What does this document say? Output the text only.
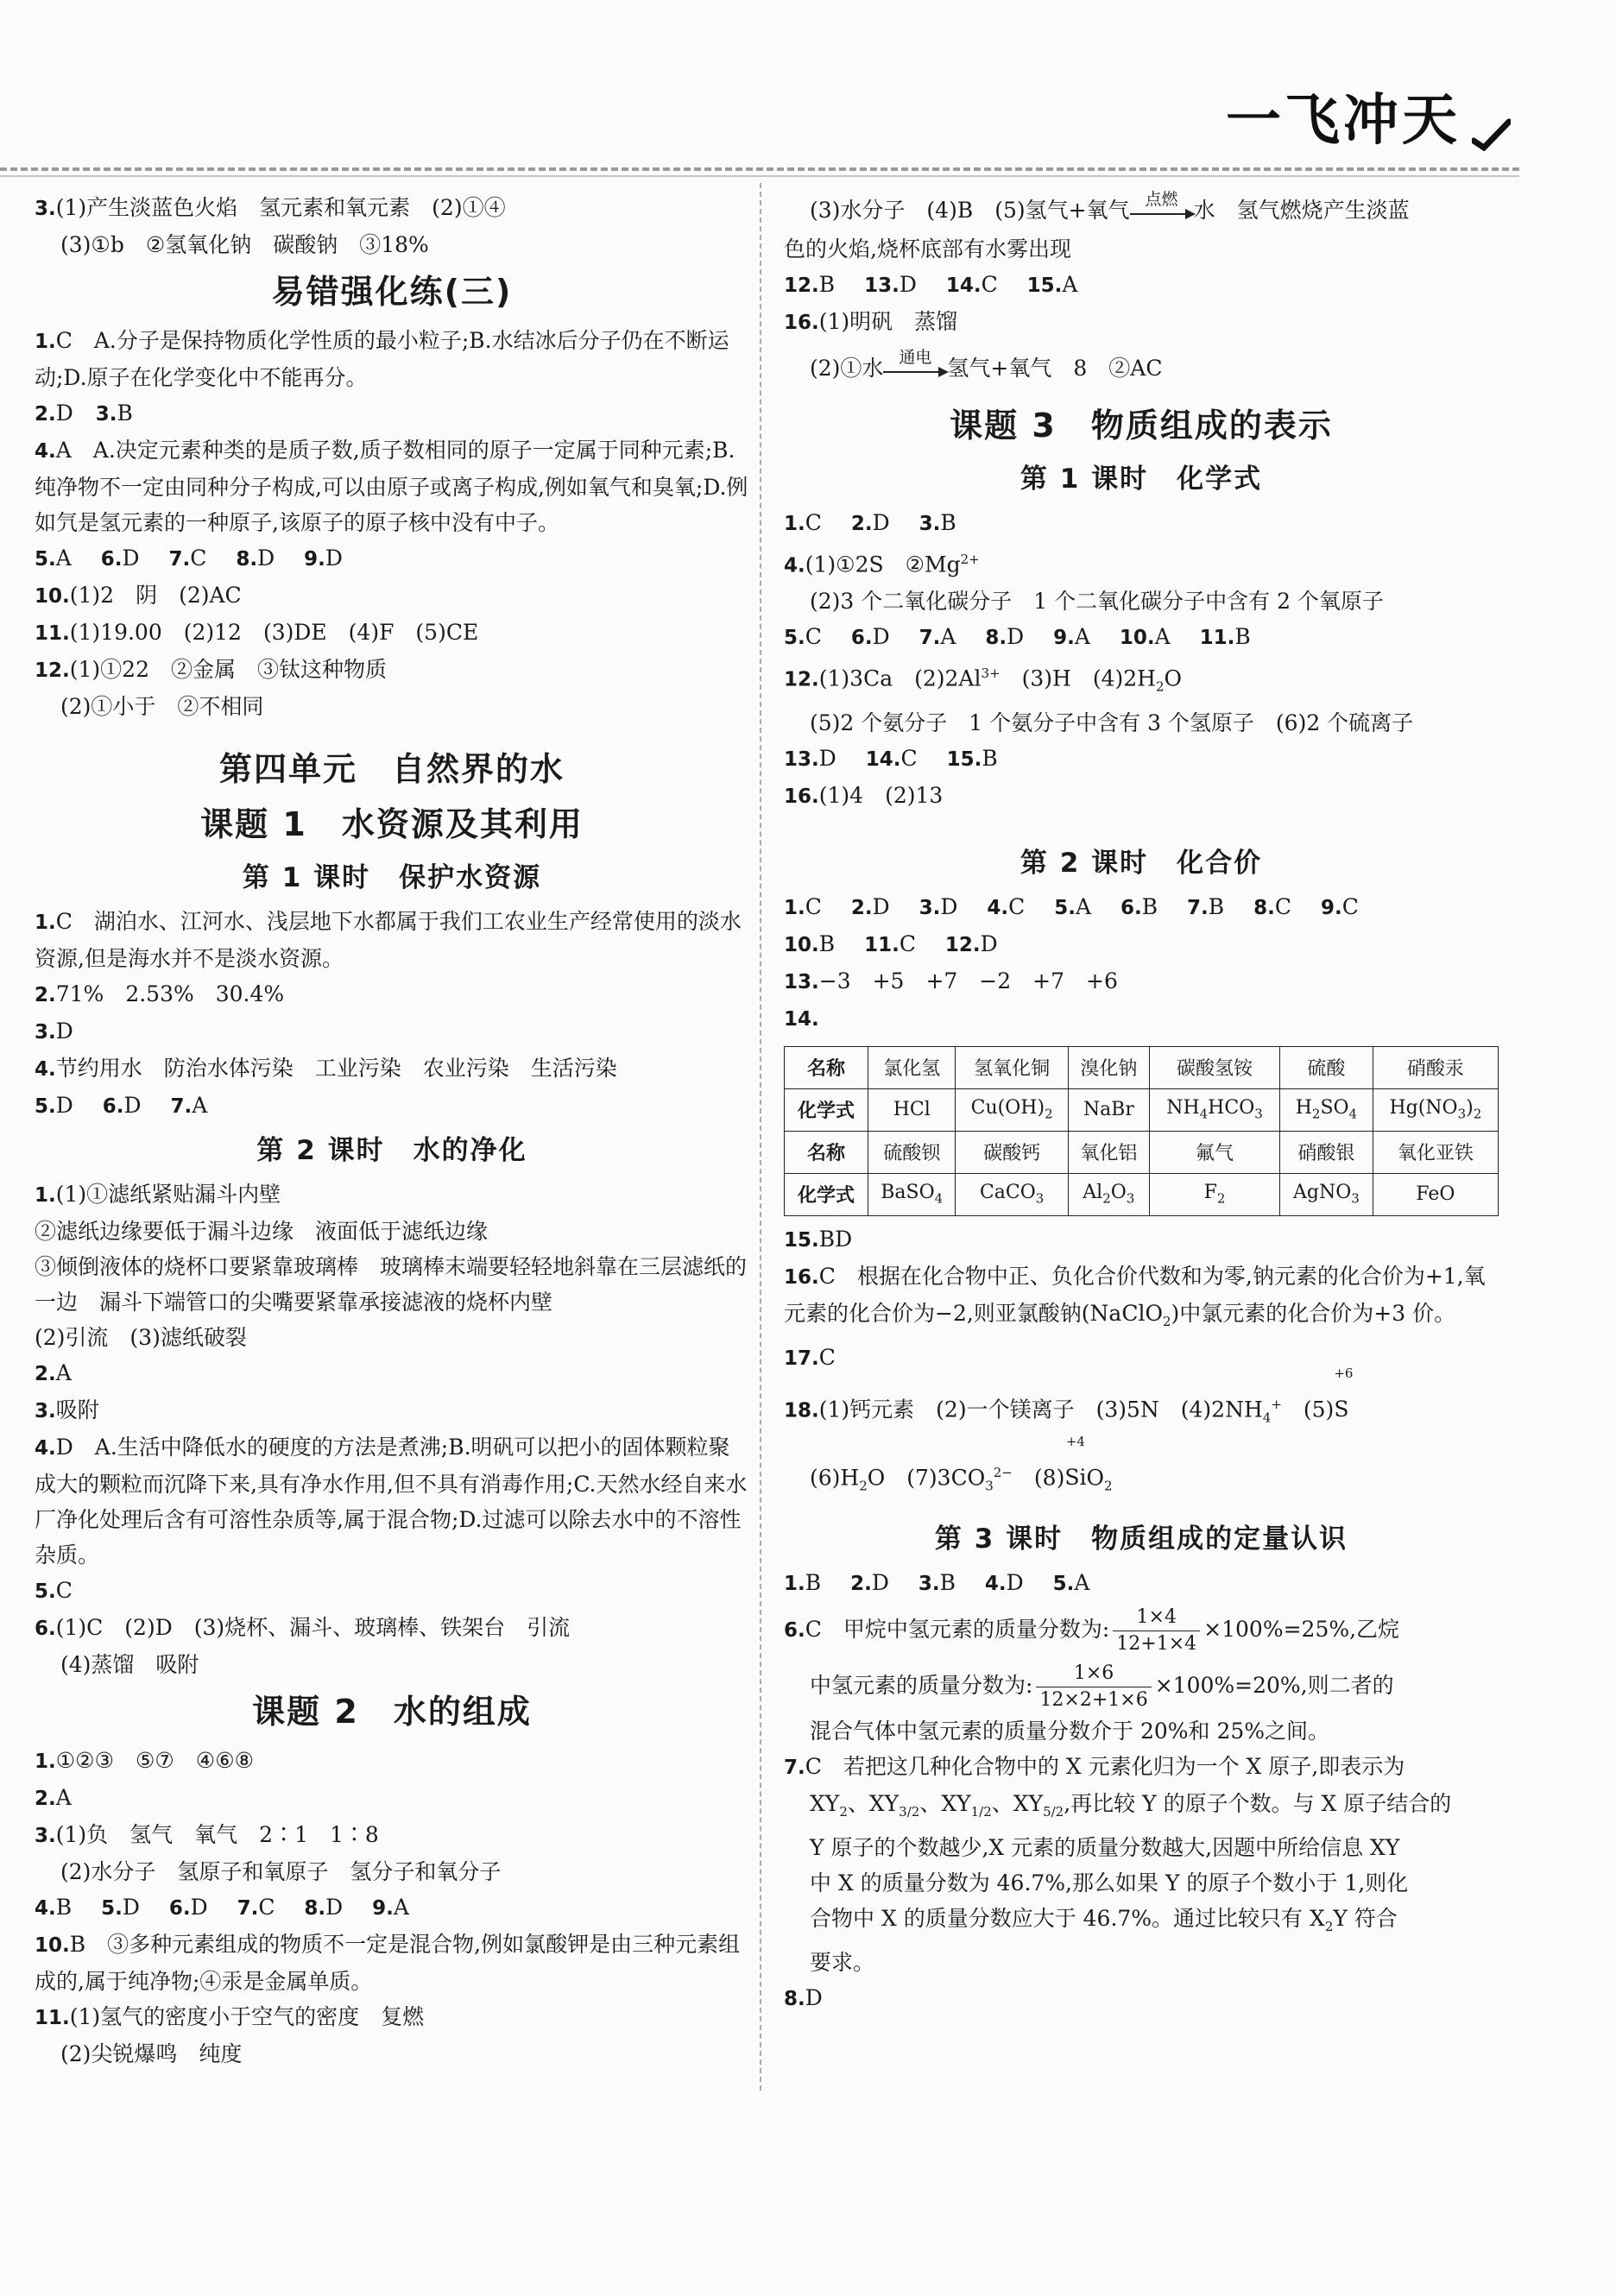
一飞冲天
3.(1)产生淡蓝色火焰　氢元素和氧元素　(2)①④
(3)①b　②氢氧化钠　碳酸钠　③18%
易错强化练(三)
1.C　A.分子是保持物质化学性质的最小粒子;B.水结冰后分子仍在不断运动;D.原子在化学变化中不能再分。
2.D 3.B
4.A　A.决定元素种类的是质子数,质子数相同的原子一定属于同种元素;B.纯净物不一定由同种分子构成,可以由原子或离子构成,例如氧气和臭氧;D.例如氕是氢元素的一种原子,该原子的原子核中没有中子。
5.A 6.D 7.C 8.D 9.D
10.(1)2　阴　(2)AC
11.(1)19.00　(2)12　(3)DE　(4)F　(5)CE
12.(1)①22　②金属　③钛这种物质
(2)①小于　②不相同
第四单元　自然界的水
课题 1　水资源及其利用
第 1 课时　保护水资源
1.C　湖泊水、江河水、浅层地下水都属于我们工农业生产经常使用的淡水资源,但是海水并不是淡水资源。
2.71%　2.53%　30.4%
3.D
4.节约用水　防治水体污染　工业污染　农业污染　生活污染
5.D 6.D 7.A
第 2 课时　水的净化
1.(1)①滤纸紧贴漏斗内壁
②滤纸边缘要低于漏斗边缘　液面低于滤纸边缘
③倾倒液体的烧杯口要紧靠玻璃棒　玻璃棒末端要轻轻地斜靠在三层滤纸的一边　漏斗下端管口的尖嘴要紧靠承接滤液的烧杯内壁
(2)引流　(3)滤纸破裂
2.A
3.吸附
4.D　A.生活中降低水的硬度的方法是煮沸;B.明矾可以把小的固体颗粒聚成大的颗粒而沉降下来,具有净水作用,但不具有消毒作用;C.天然水经自来水厂净化处理后含有可溶性杂质等,属于混合物;D.过滤可以除去水中的不溶性杂质。
5.C
6.(1)C　(2)D　(3)烧杯、漏斗、玻璃棒、铁架台　引流
(4)蒸馏　吸附
课题 2　水的组成
1.①②③　⑤⑦　④⑥⑧
2.A
3.(1)负　氢气　氧气　2∶1　1∶8
(2)水分子　氢原子和氧原子　氢分子和氧分子
4.B 5.D 6.D 7.C 8.D 9.A
10.B　③多种元素组成的物质不一定是混合物,例如氯酸钾是由三种元素组成的,属于纯净物;④汞是金属单质。
11.(1)氢气的密度小于空气的密度　复燃
(2)尖锐爆鸣　纯度
(3)水分子　(4)B　(5)氢气+氧气 点燃 水　氢气燃烧产生淡蓝
色的火焰,烧杯底部有水雾出现
12.B 13.D 14.C 15.A
16.(1)明矾　蒸馏
(2)①水 通电 氢气+氧气　8　②AC
课题 3　物质组成的表示
第 1 课时　化学式
1.C 2.D 3.B
4.(1)①2S　$②Mg^{2+}$
(2)3 个二氧化碳分子　1 个二氧化碳分子中含有 2 个氧原子
5.C 6.D 7.A 8.D 9.A 10.A 11.B
12.(1)3Ca　$(2)2Al^{3+}$　(3)H　$(4)2H_2O$
(5)2 个氨分子　1 个氨分子中含有 3 个氢原子　(6)2 个硫离子
13.D 14.C 15.B
16.(1)4　(2)13
第 2 课时　化合价
1.C 2.D 3.D 4.C 5.A 6.B 7.B 8.C 9.C
10.B 11.C 12.D
13.−3　+5　+7　−2　+7　+6
14.
名称	氯化氢	氢氧化铜	溴化钠	碳酸氢铵	硫酸	硝酸汞
化学式	HCl	$Cu(OH)_2$	NaBr	$NH_4HCO_3$	$H_2SO_4$	$Hg(NO_3)_2$
名称	硫酸钡	碳酸钙	氧化铝	氟气	硝酸银	氧化亚铁
化学式	BaSO$_4$	CaCO$_3$	$Al_2O_3$	$F_2$	AgNO$_3$	FeO
15.BD
16.C　根据在化合物中正、负化合价代数和为零,钠元素的化合价为+1,氧元素的化合价为−2,则亚氯酸钠(NaClO$_2$)中氯元素的化合价为+3 价。
17.C
18.(1)钙元素　(2)一个镁离子　(3)5N　$(4)2NH_4^+$　(5)
+6
S
$(6)H_2O$　$(7)3CO_3^{2-}$　 (8)
+4
SiO$_2$
第 3 课时　物质组成的定量认识
1.B 2.D 3.B 4.D 5.A
6.C　甲烷中氢元素的质量分数为: $\frac{1\times 4}{12+1\times 4} \times 100\%=25\%$,乙烷
中氢元素的质量分数为: $\frac{1\times 6}{12\times 2+1\times 6} \times 100\%=20\%$,则二者的
混合气体中氢元素的质量分数介于 20%和 25%之间。
7.C　若把这几种化合物中的 X 元素化归为一个 X 原子,即表示为
$XY_2$、$XY_{3/2}$、$XY_{1/2}$、$XY_{5/2}$,再比较 Y 的原子个数。与 X 原子结合的
Y 原子的个数越少,X 元素的质量分数越大,因题中所给信息 XY
中 X 的质量分数为 46.7%,那么如果 Y 的原子个数小于 1,则化
合物中 X 的质量分数应大于 46.7%。通过比较只有 $X_2Y$ 符合
要求。
8.D
